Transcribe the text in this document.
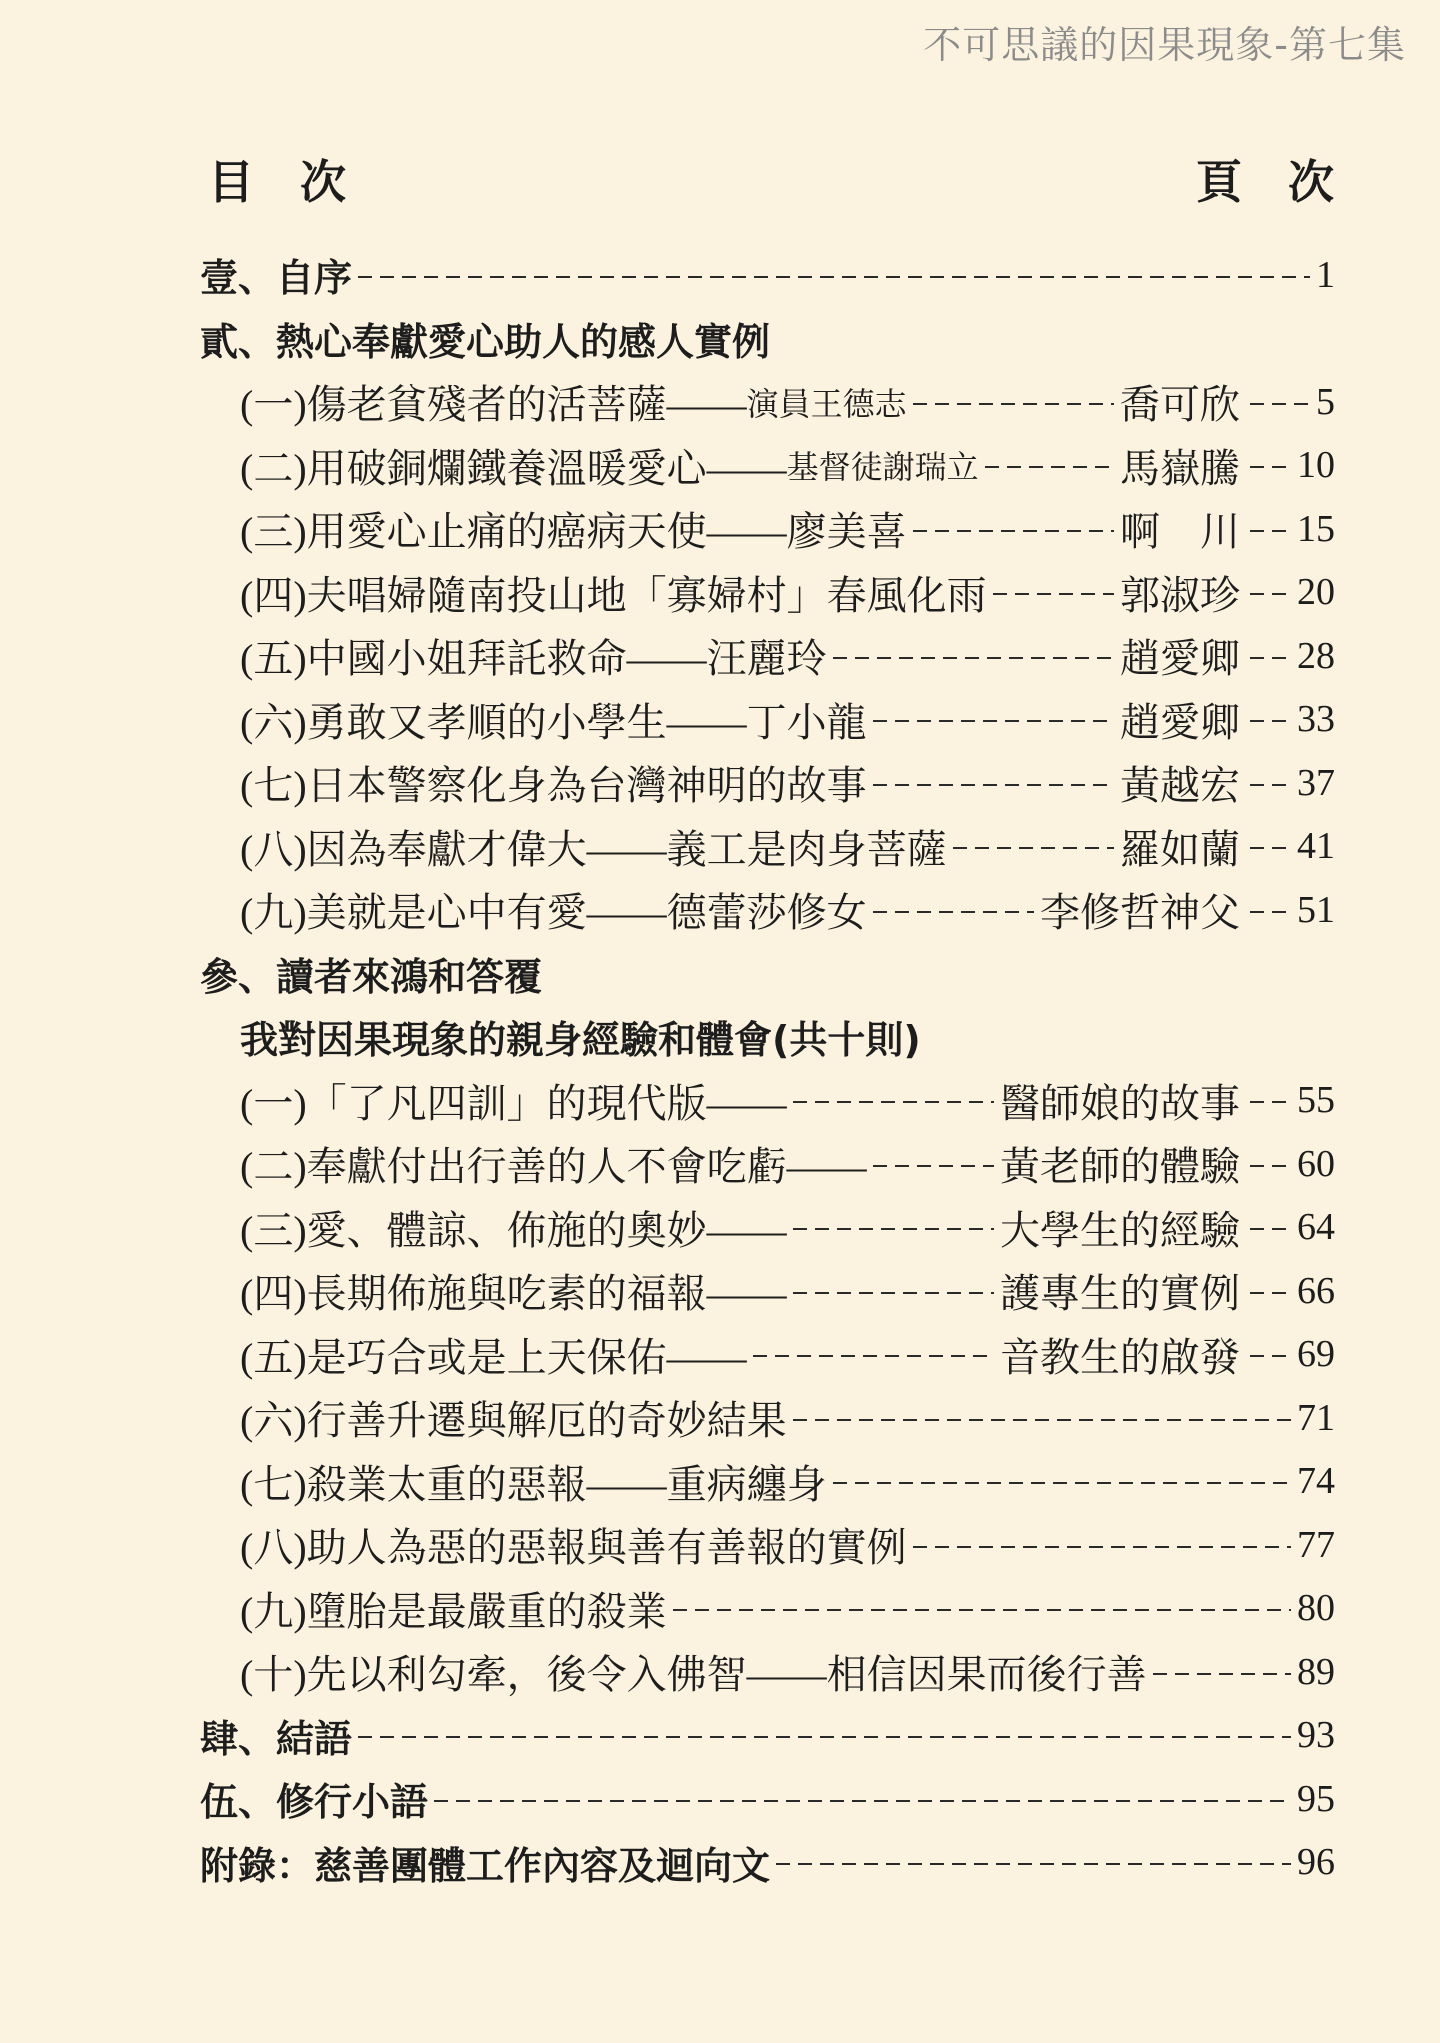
不可思議的因果現象-第七集
目　次	頁　次
壹、自序	1
貳、熱心奉獻愛心助人的感人實例
(一)傷老貧殘者的活菩薩—— 演員王德志	喬可欣 5
(二)用破銅爛鐵養溫暖愛心—— 基督徒謝瑞立	馬嶽騰 10
(三)用愛心止痛的癌病天使——廖美喜	啊　川 15
(四)夫唱婦隨南投山地「寡婦村」春風化雨	郭淑珍 20
(五)中國小姐拜託救命——汪麗玲	趙愛卿 28
(六)勇敢又孝順的小學生——丁小龍	趙愛卿 33
(七)日本警察化身為台灣神明的故事	黃越宏 37
(八)因為奉獻才偉大——義工是肉身菩薩	羅如蘭 41
(九)美就是心中有愛——德蕾莎修女	李修哲神父 51
參、讀者來鴻和答覆
我對因果現象的親身經驗和體會(共十則)
(一)「了凡四訓」的現代版——	醫師娘的故事 55
(二)奉獻付出行善的人不會吃虧——	黃老師的體驗 60
(三)愛、體諒、佈施的奧妙——	大學生的經驗 64
(四)長期佈施與吃素的福報——	護專生的實例 66
(五)是巧合或是上天保佑——	音教生的啟發 69
(六)行善升遷與解厄的奇妙結果	71
(七)殺業太重的惡報——重病纏身	74
(八)助人為惡的惡報與善有善報的實例	77
(九)墮胎是最嚴重的殺業	80
(十)先以利勾牽，後令入佛智——相信因果而後行善	89
肆、結語	93
伍、修行小語	95
附錄：慈善團體工作內容及迴向文	96
